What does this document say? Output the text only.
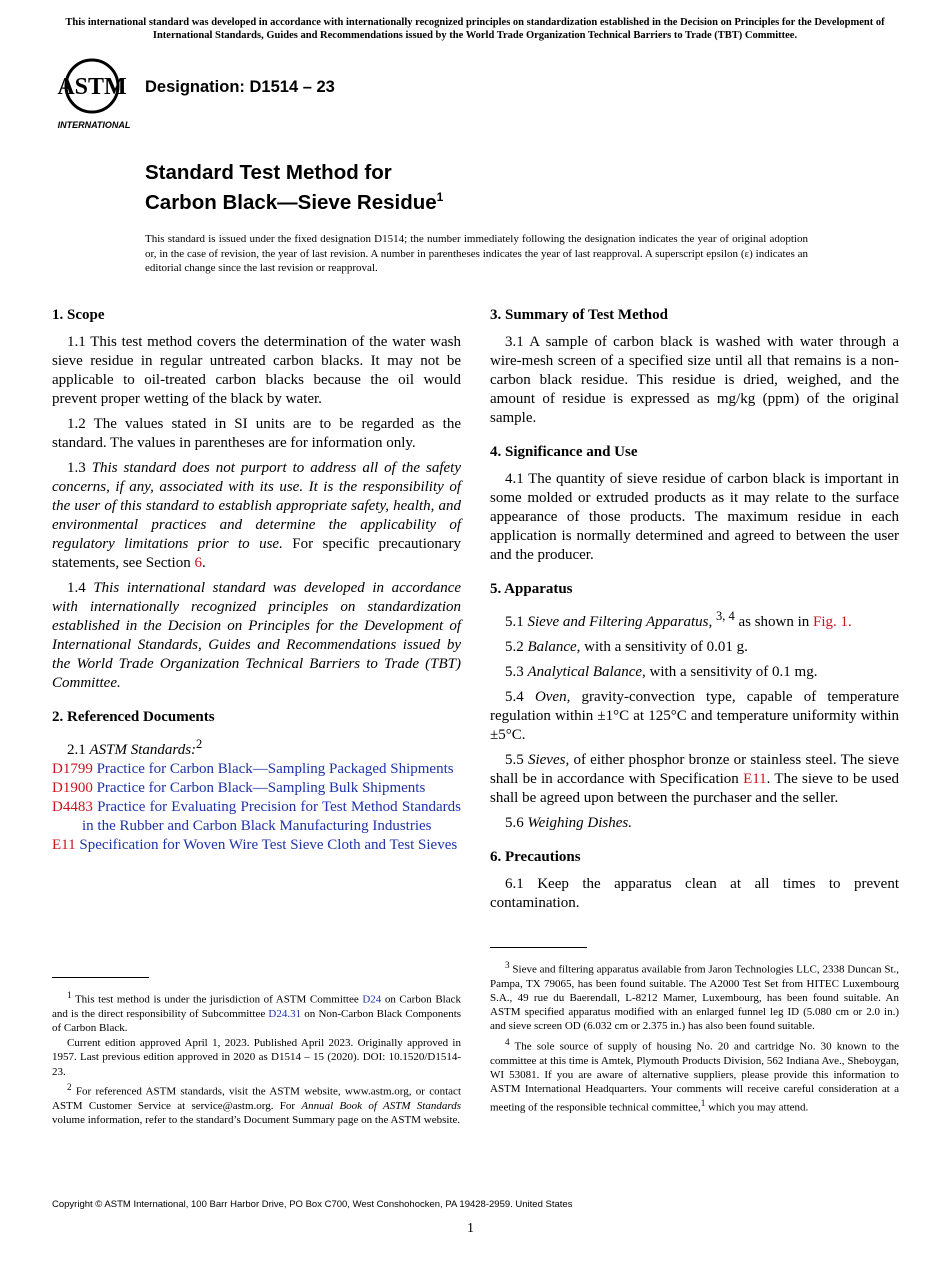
This international standard was developed in accordance with internationally recognized principles on standardization established in the Decision on Principles for the Development of International Standards, Guides and Recommendations issued by the World Trade Organization Technical Barriers to Trade (TBT) Committee.
ASTM
INTERNATIONAL
Designation: D1514 – 23
Standard Test Method for
Carbon Black—Sieve Residue$^1$
This standard is issued under the fixed designation D1514; the number immediately following the designation indicates the year of original adoption or, in the case of revision, the year of last revision. A number in parentheses indicates the year of last reapproval. A superscript epsilon (ε) indicates an editorial change since the last revision or reapproval.
1. Scope

1.1 This test method covers the determination of the water wash sieve residue in regular untreated carbon blacks. It may not be applicable to oil-treated carbon blacks because the oil would prevent proper wetting of the black by water.

1.2 The values stated in SI units are to be regarded as the standard. The values in parentheses are for information only.

1.3 This standard does not purport to address all of the safety concerns, if any, associated with its use. It is the responsibility of the user of this standard to establish appropriate safety, health, and environmental practices and determine the applicability of regulatory limitations prior to use. For specific precautionary statements, see Section 6.

1.4 This international standard was developed in accordance with internationally recognized principles on standardization established in the Decision on Principles for the Development of International Standards, Guides and Recommendations issued by the World Trade Organization Technical Barriers to Trade (TBT) Committee.

2. Referenced Documents

2.1 ASTM Standards:$^2$

D1799 Practice for Carbon Black—Sampling Packaged Shipments
D1900 Practice for Carbon Black—Sampling Bulk Shipments
D4483 Practice for Evaluating Precision for Test Method Standards in the Rubber and Carbon Black Manufacturing Industries
E11 Specification for Woven Wire Test Sieve Cloth and Test Sieves

$^1$ This test method is under the jurisdiction of ASTM Committee D24 on Carbon Black and is the direct responsibility of Subcommittee D24.31 on Non-Carbon Black Components of Carbon Black.

Current edition approved April 1, 2023. Published April 2023. Originally approved in 1957. Last previous edition approved in 2020 as D1514 – 15 (2020). DOI: 10.1520/D1514-23.

$^2$ For referenced ASTM standards, visit the ASTM website, www.astm.org, or contact ASTM Customer Service at service@astm.org. For Annual Book of ASTM Standards volume information, refer to the standard’s Document Summary page on the ASTM website.

3. Summary of Test Method

3.1 A sample of carbon black is washed with water through a wire-mesh screen of a specified size until all that remains is a non-carbon black residue. This residue is dried, weighed, and the amount of residue is expressed as mg/kg (ppm) of the original sample.

4. Significance and Use

4.1 The quantity of sieve residue of carbon black is important in some molded or extruded products as it may relate to the surface appearance of those products. The maximum residue in each application is normally determined and agreed to between the user and the producer.

5. Apparatus

5.1 Sieve and Filtering Apparatus, $^{3, 4}$ as shown in Fig. 1.

5.2 Balance, with a sensitivity of 0.01 g.

5.3 Analytical Balance, with a sensitivity of 0.1 mg.

5.4 Oven, gravity-convection type, capable of temperature regulation within ±1°C at 125°C and temperature uniformity within ±5°C.

5.5 Sieves, of either phosphor bronze or stainless steel. The sieve shall be in accordance with Specification E11. The sieve to be used shall be agreed upon between the purchaser and the seller.

5.6 Weighing Dishes.

6. Precautions

6.1 Keep the apparatus clean at all times to prevent contamination.

$^3$ Sieve and filtering apparatus available from Jaron Technologies LLC, 2338 Duncan St., Pampa, TX 79065, has been found suitable. The A2000 Test Set from HITEC Luxembourg S.A., 49 rue du Baerendall, L-8212 Mamer, Luxembourg, has been found suitable. An ASTM specified apparatus modified with an enlarged funnel leg ID (5.080 cm or 2.0 in.) and sieve screen OD (6.032 cm or 2.375 in.) has also been found suitable.

$^4$ The sole source of supply of housing No. 20 and cartridge No. 30 known to the committee at this time is Amtek, Plymouth Products Division, 562 Indiana Ave., Sheboygan, WI 53081. If you are aware of alternative suppliers, please provide this information to ASTM International Headquarters. Your comments will receive careful consideration at a meeting of the responsible technical committee,$^1$ which you may attend.

Copyright © ASTM International, 100 Barr Harbor Drive, PO Box C700, West Conshohocken, PA 19428-2959. United States
1
